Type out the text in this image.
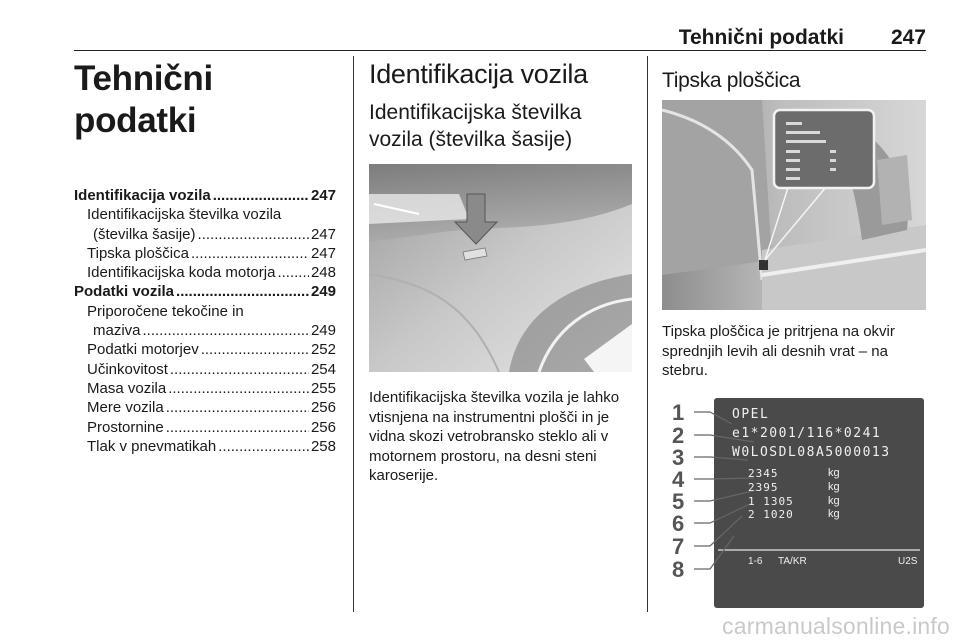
Tehnični podatki 247
Tehnični podatki
Identifikacija vozila .....	247
Identifikacijska številka vozila
(številka šasije) .....	247
Tipska ploščica .....	247
Identifikacijska koda motorja ..... 248
Podatki vozila .....	249
Priporočene tekočine in
maziva .....	249
Podatki motorjev .....	252
Učinkovitost .....	254
Masa vozila .....	255
Mere vozila .....	256
Prostornine .....	256
Tlak v pnevmatikah .....	258
Identifikacija vozila
Identifikacijska številka
vozila (številka šasije)
Identifikacijska številka vozila je lahko vtisnjena na instrumentni plošči in je vidna skozi vetrobransko steklo ali v motornem prostoru, na desni steni karoserije.
Tipska ploščica
Tipska ploščica je pritrjena na okvir sprednjih levih ali desnih vrat – na stebru.
1
2
3
4
5
6
7
8
OPEL
e1*2001/116*0241
W0LOSDL08A5000013
2345	kg
2395	kg
1 1305	kg
2 1020	kg
1-6 TA/KR	U2S
carmanualsonline.info
